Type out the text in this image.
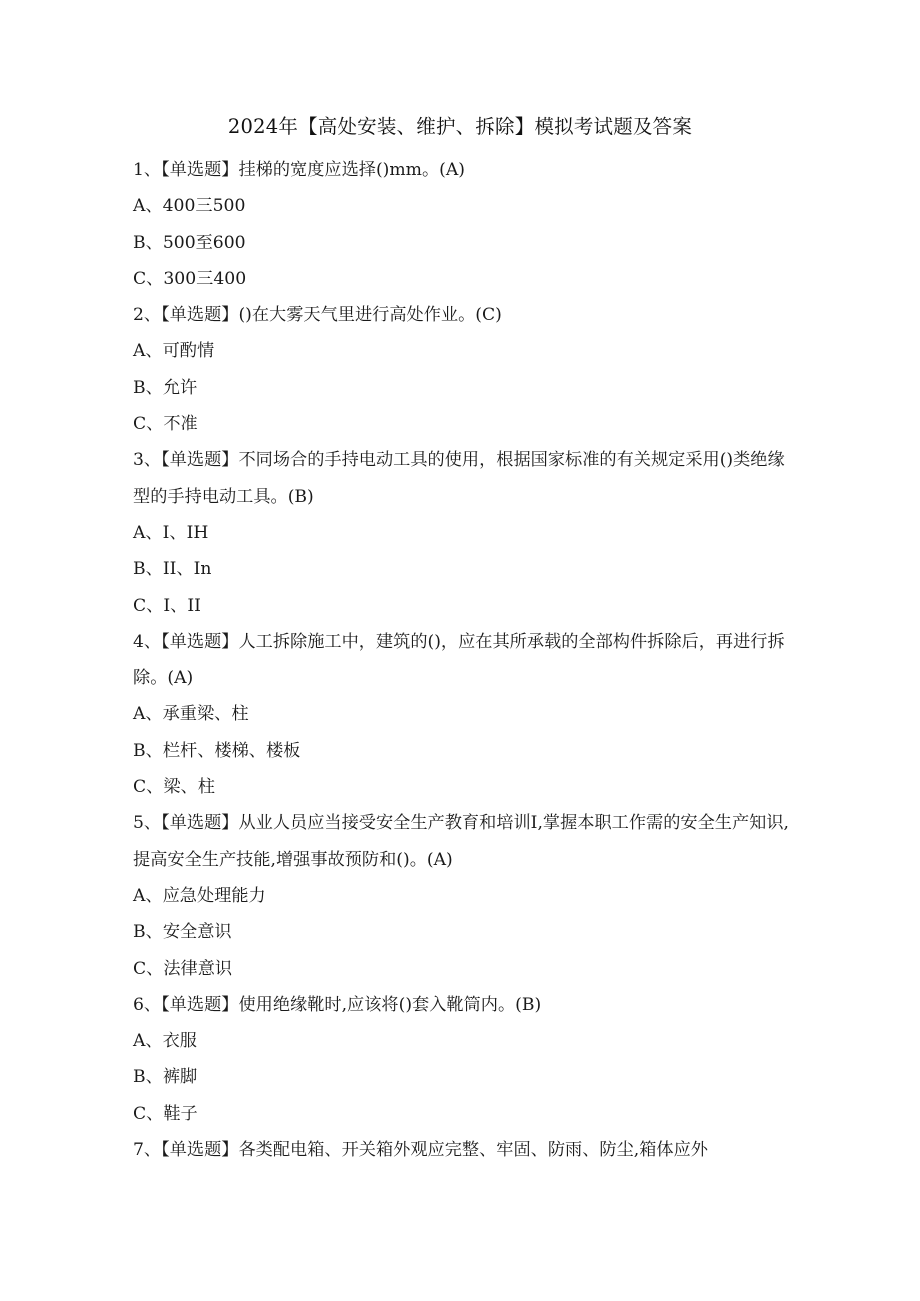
2024年【高处安装、维护、拆除】模拟考试题及答案
1、【单选题】挂梯的宽度应选择()mm。(A)
A、400三500
B、500至600
C、300三400
2、【单选题】()在大雾天气里进行高处作业。(C)
A、可酌情
B、允许
C、不准
3、【单选题】不同场合的手持电动工具的使用，根据国家标准的有关规定采用()类绝缘型的手持电动工具。(B)
A、I、IH
B、II、In
C、I、II
4、【单选题】人工拆除施工中，建筑的()，应在其所承载的全部构件拆除后，再进行拆除。(A)
A、承重梁、柱
B、栏杆、楼梯、楼板
C、梁、柱
5、【单选题】从业人员应当接受安全生产教育和培训I,掌握本职工作需的安全生产知识,提高安全生产技能,增强事故预防和()。(A)
A、应急处理能力
B、安全意识
C、法律意识
6、【单选题】使用绝缘靴时,应该将()套入靴筒内。(B)
A、衣服
B、裤脚
C、鞋子
7、【单选题】各类配电箱、开关箱外观应完整、牢固、防雨、防尘,箱体应外
